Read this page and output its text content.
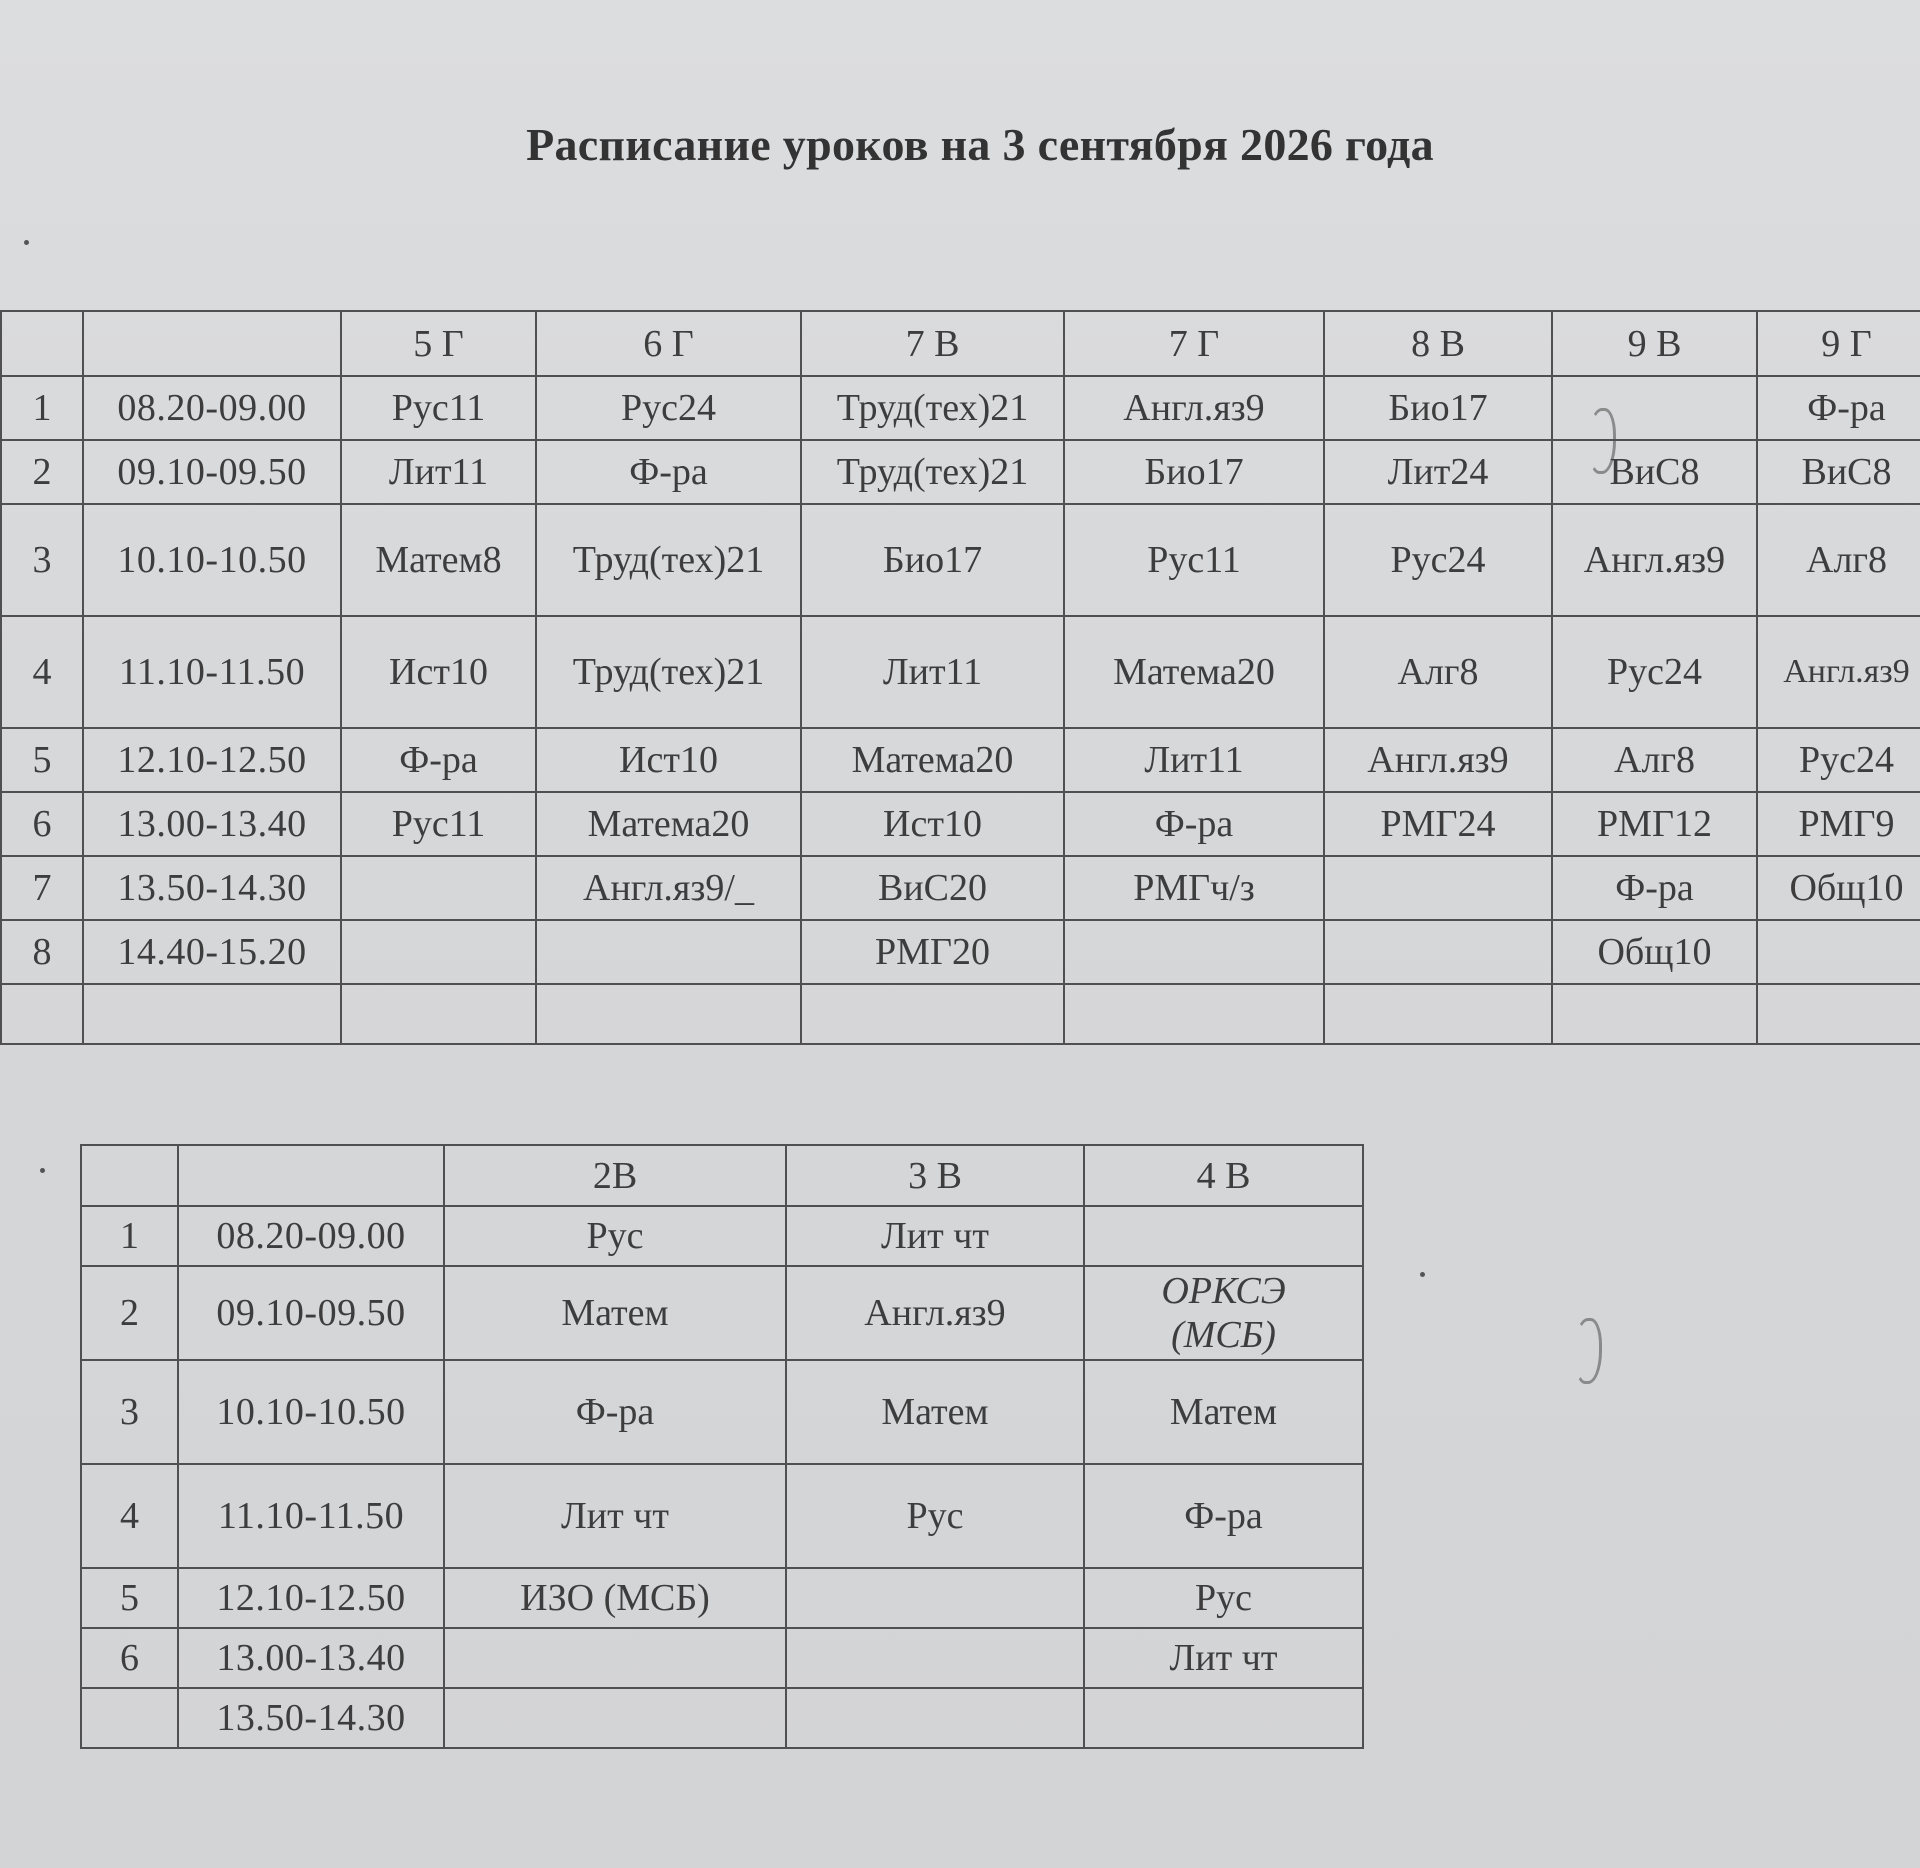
Расписание уроков на 3 сентября 2026 года
		5 Г	6 Г	7 В	7 Г	8 В	9 В	9 Г
1	08.20-09.00	Рус11	Рус24	Труд(тех)21	Англ.яз9	Био17		Ф-ра
2	09.10-09.50	Лит11	Ф-ра	Труд(тех)21	Био17	Лит24	ВиС8	ВиС8
3	10.10-10.50	Матем8	Труд(тех)21	Био17	Рус11	Рус24	Англ.яз9	Алг8
4	11.10-11.50	Ист10	Труд(тех)21	Лит11	Матема20	Алг8	Рус24	Англ.яз9
5	12.10-12.50	Ф-ра	Ист10	Матема20	Лит11	Англ.яз9	Алг8	Рус24
6	13.00-13.40	Рус11	Матема20	Ист10	Ф-ра	РМГ24	РМГ12	РМГ9
7	13.50-14.30		Англ.яз9/_	ВиС20	РМГч/з		Ф-ра	Общ10
8	14.40-15.20			РМГ20			Общ10	

		2В	3 В	4 В
1	08.20-09.00	Рус	Лит чт	
2	09.10-09.50	Матем	Англ.яз9	ОРКСЭ (МСБ)
3	10.10-10.50	Ф-ра	Матем	Матем
4	11.10-11.50	Лит чт	Рус	Ф-ра
5	12.10-12.50	ИЗО (МСБ)		Рус
6	13.00-13.40			Лит чт
	13.50-14.30			
